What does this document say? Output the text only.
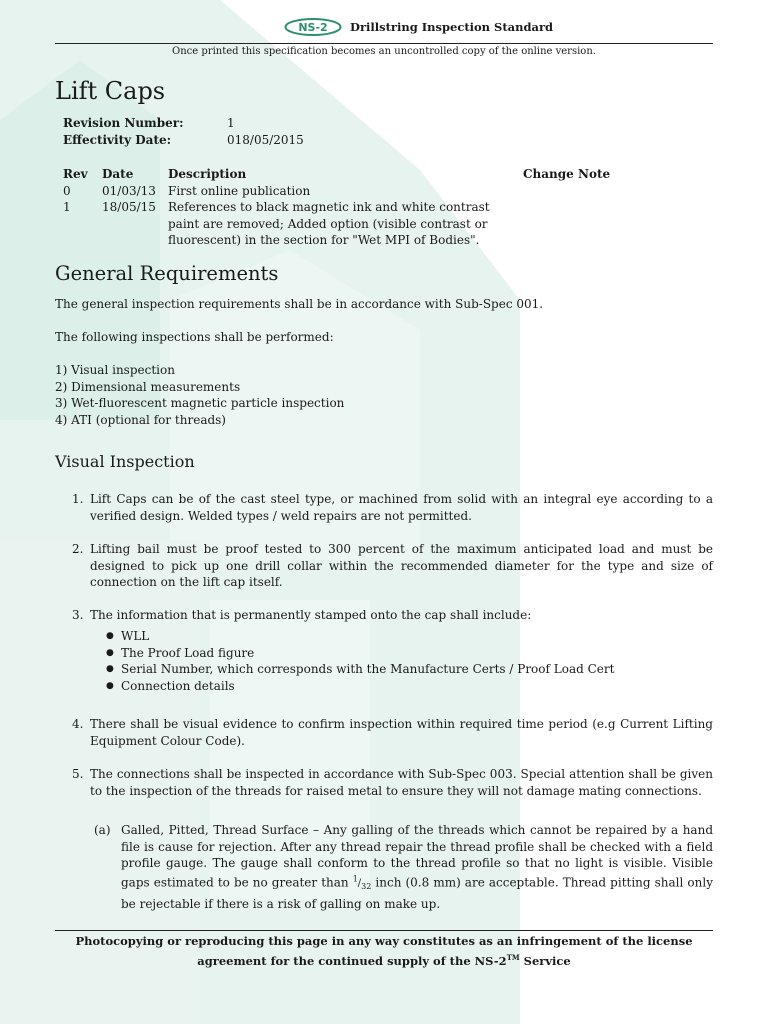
NS-2 Drillstring Inspection Standard
Once printed this specification becomes an uncontrolled copy of the online version.
Lift Caps
Revision Number:	1
Effectivity Date:	018/05/2015
Rev	Date	Description	Change Note
0	01/03/13	First online publication
1	18/05/15	References to black magnetic ink and white contrast paint are removed; Added option (visible contrast or fluorescent) in the section for "Wet MPI of Bodies".
General Requirements

The general inspection requirements shall be in accordance with Sub-Spec 001.

The following inspections shall be performed:

1) Visual inspection
2) Dimensional measurements
3) Wet-fluorescent magnetic particle inspection
4) ATI (optional for threads)
Visual Inspection
1. Lift Caps can be of the cast steel type, or machined from solid with an integral eye according to a verified design. Welded types / weld repairs are not permitted.
2. Lifting bail must be proof tested to 300 percent of the maximum anticipated load and must be designed to pick up one drill collar within the recommended diameter for the type and size of connection on the lift cap itself.
3. The information that is permanently stamped onto the cap shall include:
● WLL
● The Proof Load figure
● Serial Number, which corresponds with the Manufacture Certs / Proof Load Cert
● Connection details
4. There shall be visual evidence to confirm inspection within required time period (e.g Current Lifting Equipment Colour Code).
5. The connections shall be inspected in accordance with Sub-Spec 003. Special attention shall be given to the inspection of the threads for raised metal to ensure they will not damage mating connections.
(a) Galled, Pitted, Thread Surface – Any galling of the threads which cannot be repaired by a hand file is cause for rejection. After any thread repair the thread profile shall be checked with a field profile gauge. The gauge shall conform to the thread profile so that no light is visible. Visible gaps estimated to be no greater than $^1/_{32}$ inch (0.8 mm) are acceptable. Thread pitting shall only be rejectable if there is a risk of galling on make up.
Photocopying or reproducing this page in any way constitutes as an infringement of the license
agreement for the continued supply of the NS-2™ Service
